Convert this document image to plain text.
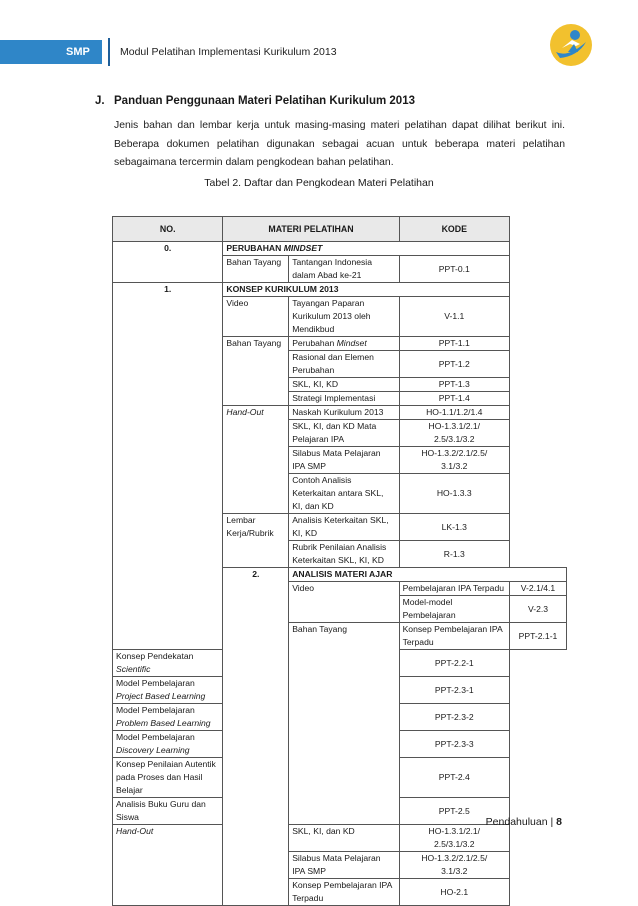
SMP	Modul Pelatihan Implementasi Kurikulum 2013
J. Panduan Penggunaan Materi Pelatihan Kurikulum 2013
Jenis bahan dan lembar kerja untuk masing-masing materi pelatihan dapat dilihat berikut ini. Beberapa dokumen pelatihan digunakan sebagai acuan untuk beberapa materi pelatihan sebagaimana tercermin dalam pengkodean bahan pelatihan.
Tabel 2. Daftar dan Pengkodean Materi Pelatihan
NO.	MATERI PELATIHAN		KODE	
0.	PERUBAHAN MINDSET			
	Bahan Tayang	Tantangan Indonesia dalam Abad ke-21	PPT-0.1	
1.	KONSEP KURIKULUM 2013			
	Video	Tayangan Paparan Kurikulum 2013 oleh Mendikbud	V-1.1	
	Bahan Tayang	Perubahan Mindset	PPT-1.1	
		Rasional dan Elemen Perubahan	PPT-1.2	
		SKL, KI, KD	PPT-1.3	
		Strategi Implementasi	PPT-1.4	
	Hand-Out	Naskah Kurikulum 2013	HO-1.1/1.2/1.4	
		SKL, KI, dan KD Mata Pelajaran IPA	HO-1.3.1/2.1/
2.5/3.1/3.2	
		Silabus Mata Pelajaran IPA SMP	HO-1.3.2/2.1/2.5/
3.1/3.2	
		Contoh Analisis Keterkaitan antara SKL, KI, dan KD	HO-1.3.3	
	Lembar
Kerja/Rubrik	Analisis Keterkaitan SKL, KI, KD	LK-1.3	
		Rubrik Penilaian Analisis Keterkaitan SKL, KI, KD	R-1.3	
	2.	ANALISIS MATERI AJAR		
		Video	Pembelajaran IPA Terpadu	V-2.1/4.1
			Model-model Pembelajaran	V-2.3
		Bahan Tayang	Konsep Pembelajaran IPA Terpadu	PPT-2.1-1
Konsep Pendekatan Scientific			PPT-2.2-1	
Model Pembelajaran Project Based Learning			PPT-2.3-1	
Model Pembelajaran Problem Based Learning			PPT-2.3-2	
Model Pembelajaran Discovery Learning			PPT-2.3-3	
Konsep Penilaian Autentik pada Proses dan Hasil Belajar			PPT-2.4	
Analisis Buku Guru dan Siswa			PPT-2.5	
Hand-Out		SKL, KI, dan KD	HO-1.3.1/2.1/
2.5/3.1/3.2	
		Silabus Mata Pelajaran IPA SMP	HO-1.3.2/2.1/2.5/
3.1/3.2	
		Konsep Pembelajaran IPA Terpadu	HO-2.1	
Pendahuluan | 8
